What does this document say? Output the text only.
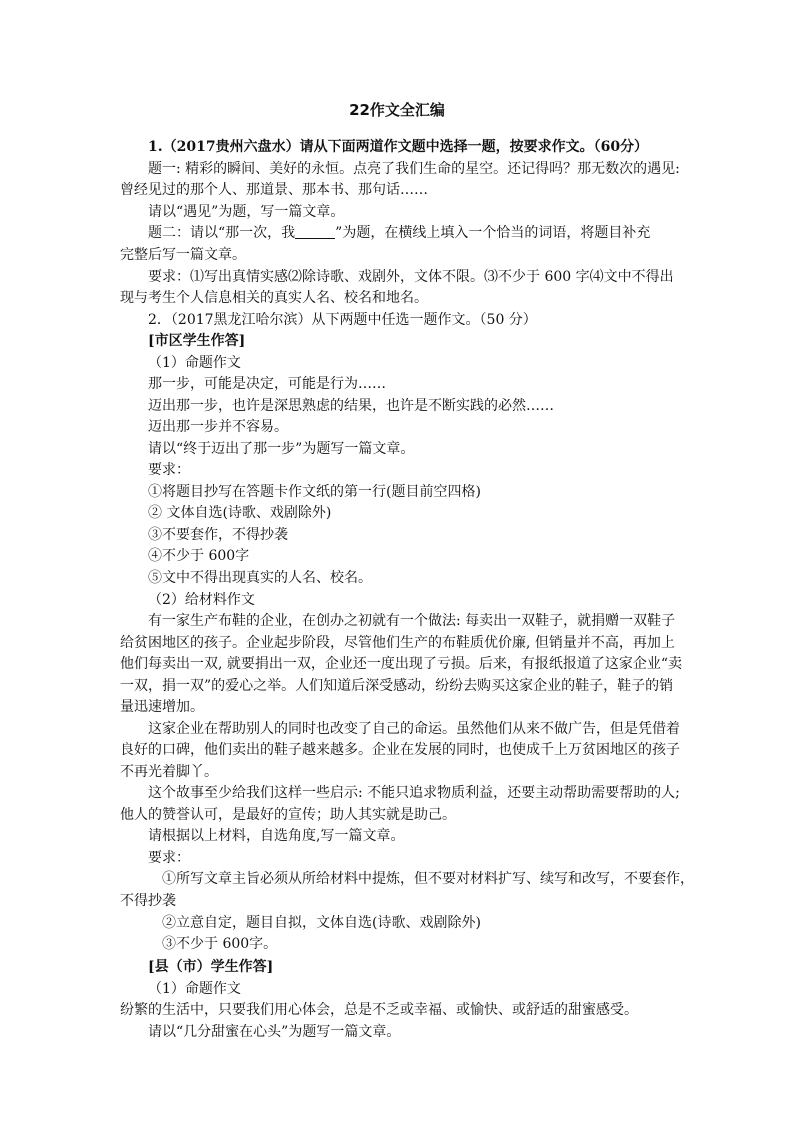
22作文全汇编
1.（2017贵州六盘水）请从下面两道作文题中选择一题，按要求作文。（60分）
题一: 精彩的瞬间、美好的永恒。点亮了我们生命的星空。还记得吗？那无数次的遇见:
曾经见过的那个人、那道景、那本书、那句话……
请以“遇见”为题，写一篇文章。
题二：请以“那一次，我	”为题，在横线上填入一个恰当的词语，将题目补充
完整后写一篇文章。
要求：⑴写出真情实感⑵除诗歌、戏剧外，文体不限。⑶不少于 600 字⑷文中不得出
现与考生个人信息相关的真实人名、校名和地名。
2．（2017黑龙江哈尔滨）从下两题中任选一题作文。（50 分）
[市区学生作答]
（1）命题作文
那一步，可能是决定，可能是行为……
迈出那一步，也许是深思熟虑的结果，也许是不断实践的必然……
迈出那一步并不容易。
请以“终于迈出了那一步”为题写一篇文章。
要求：
①将题目抄写在答题卡作文纸的第一行(题目前空四格)
② 文体自选(诗歌、戏剧除外)
③不要套作，不得抄袭
④不少于 600字
⑤文中不得出现真实的人名、校名。
（2）给材料作文
有一家生产布鞋的企业，在创办之初就有一个做法: 每卖出一双鞋子，就捐赠一双鞋子
给贫困地区的孩子。企业起步阶段，尽管他们生产的布鞋质优价廉, 但销量并不高，再加上
他们每卖出一双, 就要捐出一双，企业还一度出现了亏损。后来，有报纸报道了这家企业“卖
一双，捐一双”的爱心之举。人们知道后深受感动，纷纷去购买这家企业的鞋子，鞋子的销
量迅速增加。
这家企业在帮助别人的同时也改变了自己的命运。虽然他们从来不做广告，但是凭借着
良好的口碑，他们卖出的鞋子越来越多。企业在发展的同时，也使成千上万贫困地区的孩子
不再光着脚丫。
这个故事至少给我们这样一些启示: 不能只追求物质利益，还要主动帮助需要帮助的人;
他人的赞誉认可，是最好的宣传；助人其实就是助己。
请根据以上材料，自选角度,写一篇文章。
要求：
①所写文章主旨必须从所给材料中提炼，但不要对材料扩写、续写和改写，不要套作，
不得抄袭
②立意自定，题目自拟，文体自选(诗歌、戏剧除外)
③不少于 600字。
[县（市）学生作答]
（1）命题作文
纷繁的生活中，只要我们用心体会，总是不乏或幸福、或愉快、或舒适的甜蜜感受。
请以“几分甜蜜在心头”为题写一篇文章。
